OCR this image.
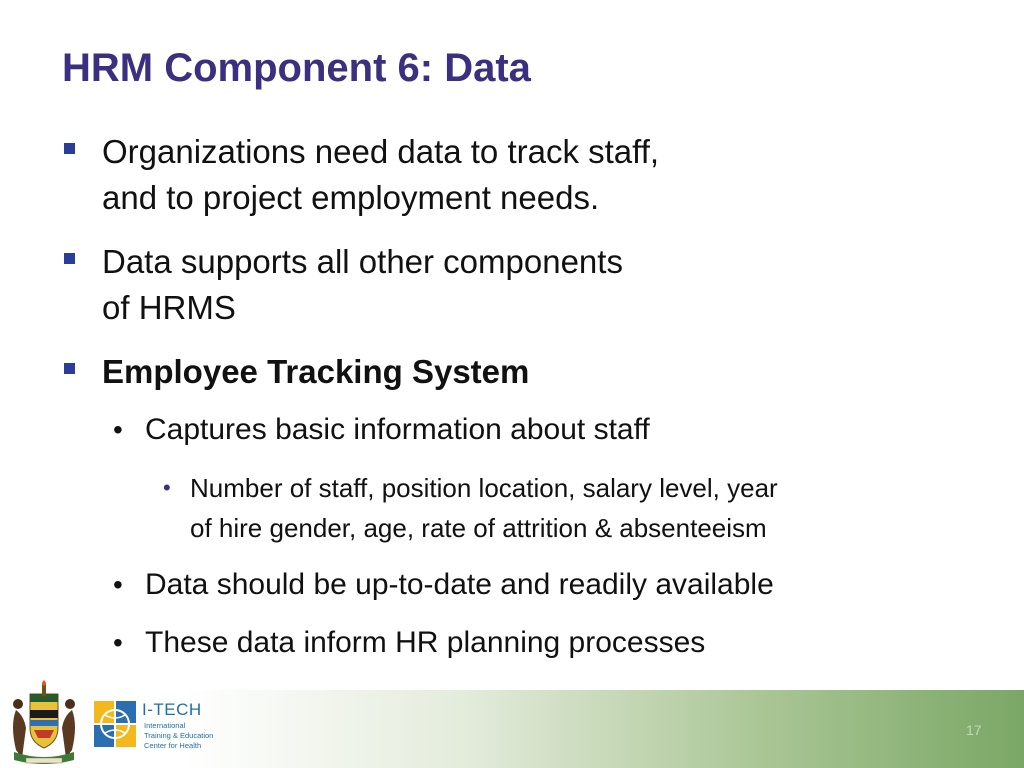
HRM Component 6: Data
Organizations need data to track staff,
and to project employment needs.
Data supports all other components
of HRMS
Employee Tracking System
• Captures basic information about staff
• Number of staff, position location, salary level, year
of hire gender, age, rate of attrition & absenteeism
• Data should be up-to-date and readily available
• These data inform HR planning processes
I-TECH
International
Training & Education
Center for Health
17
